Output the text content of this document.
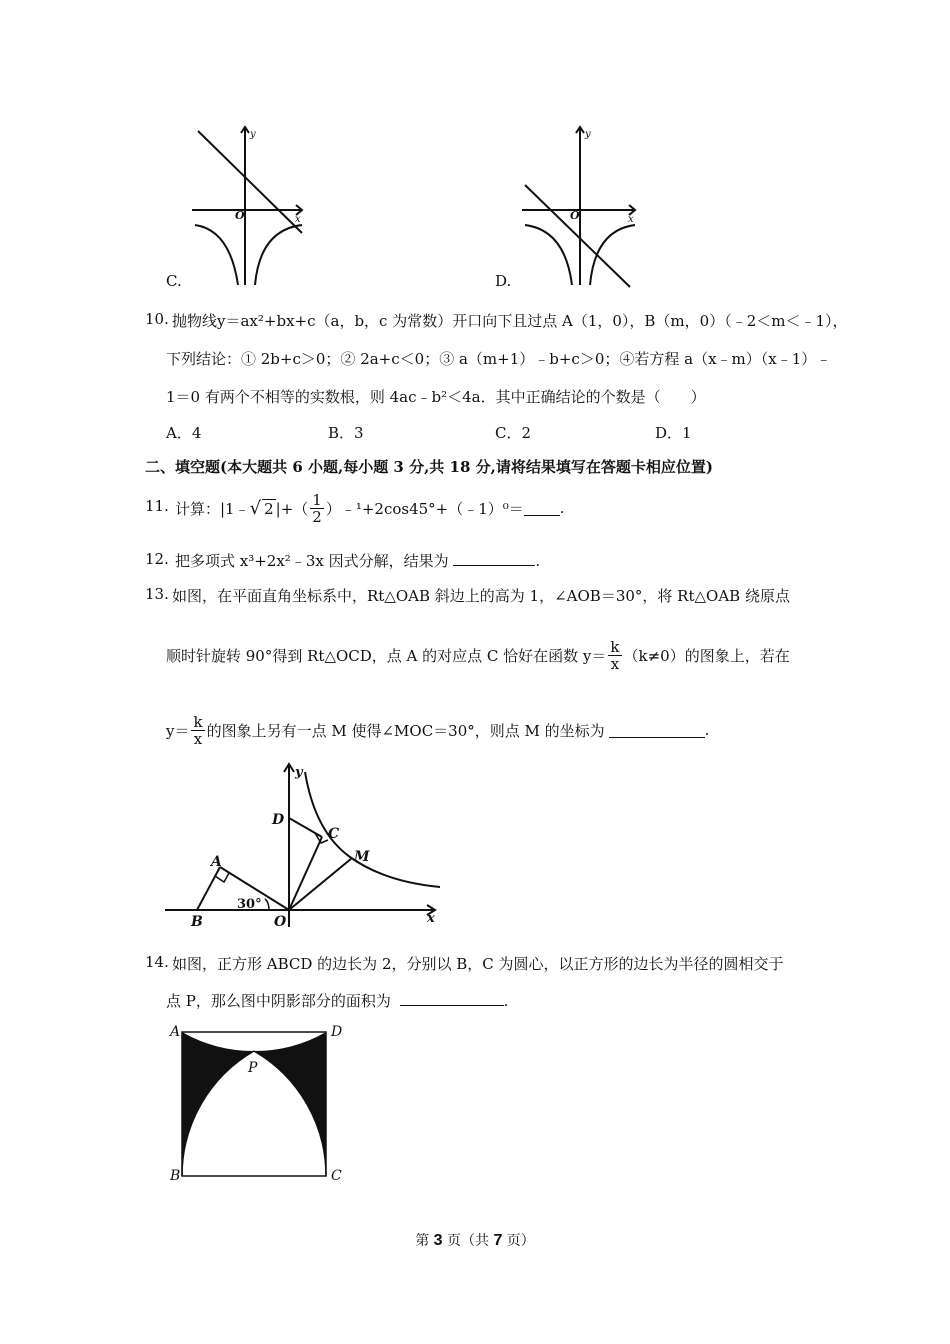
y
x
O
C.
y
x
O
D.
10. 抛物线y＝ax²+bx+c（a，b，c 为常数）开口向下且过点 A（1，0），B（m，0）（﹣2＜m＜﹣1），
下列结论：① 2b+c＞0；② 2a+c＜0；③ a（m+1）﹣b+c＞0；④若方程 a（x﹣m）（x﹣1）﹣
1＝0 有两个不相等的实数根，则 4ac﹣b²＜4a．其中正确结论的个数是（　　）
A．4	B．3	C．2	D．1
二、填空题(本大题共 6 小题,每小题 3 分,共 18 分,请将结果填写在答题卡相应位置)
11. 计算：|1﹣ √ 2 |+（ $\frac{1}{2}$ ）﹣¹+2cos45°+（﹣1）⁰＝ .
12. 把多项式 x³+2x²﹣3x 因式分解，结果为	.
13. 如图，在平面直角坐标系中，Rt△OAB 斜边上的高为 1，∠AOB＝30°，将 Rt△OAB 绕原点
顺时针旋转 90°得到 Rt△OCD，点 A 的对应点 C 恰好在函数 $y= \frac{k}{x} (k\ne 0)$的图象上，若在
$y= \frac{k}{x}$ 的图象上另有一点 M 使得∠MOC＝30°，则点 M 的坐标为	.
y
x
D
C
M
A
B	O
30°
14. 如图，正方形 ABCD 的边长为 2，分别以 B，C 为圆心，以正方形的边长为半径的圆相交于
点 P，那么图中阴影部分的面积为	.
A	D
B	C
P
第 3 页（共 7 页）
